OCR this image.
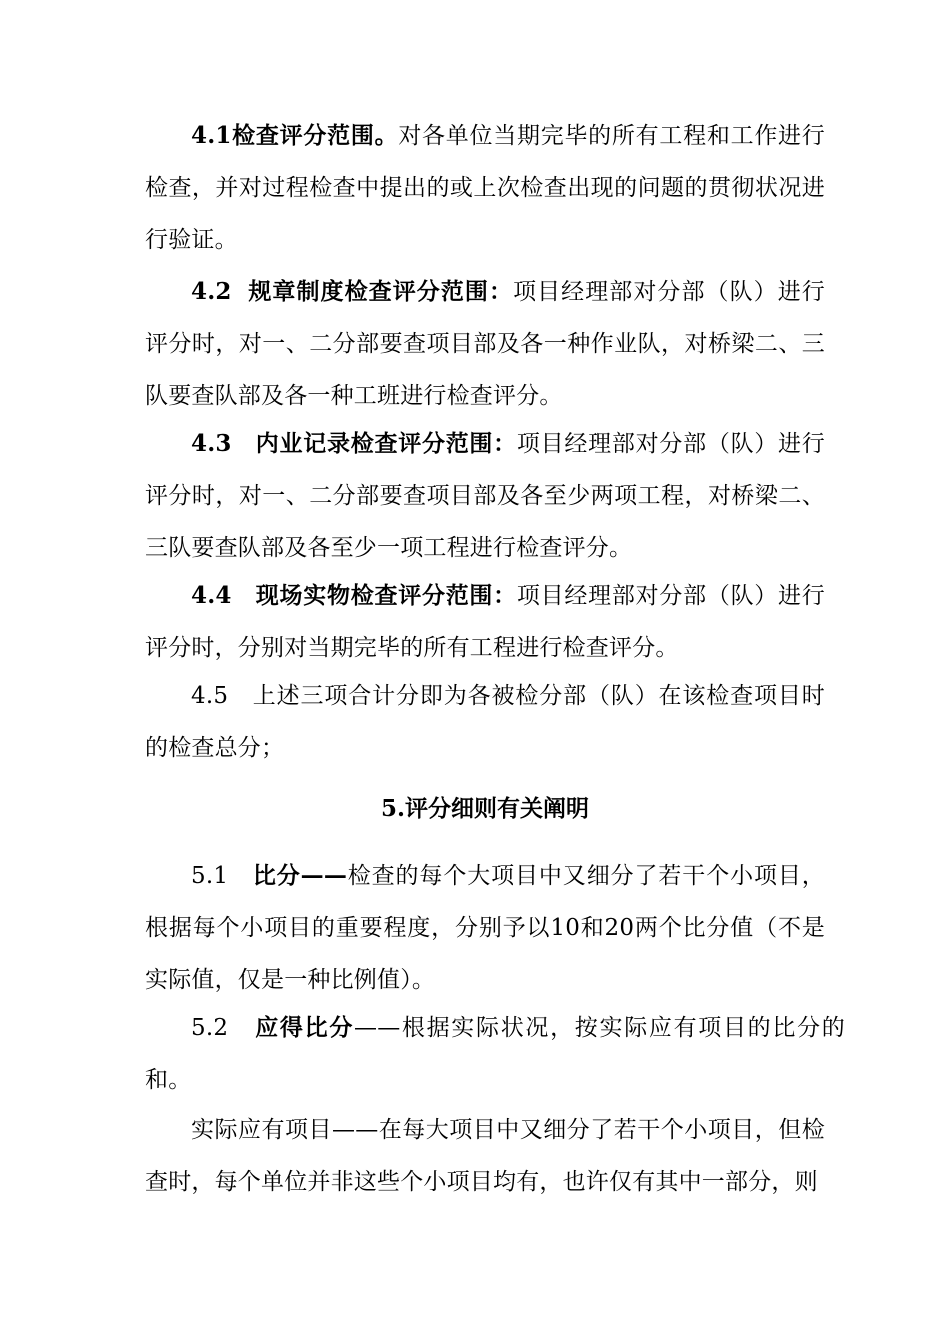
4.1检查评分范围。对各单位当期完毕的所有工程和工作进行检查，并对过程检查中提出的或上次检查出现的问题的贯彻状况进行验证。

4.2 规章制度检查评分范围：项目经理部对分部（队）进行评分时，对一、二分部要查项目部及各一种作业队，对桥梁二、三队要查队部及各一种工班进行检查评分。

4.3 内业记录检查评分范围：项目经理部对分部（队）进行评分时，对一、二分部要查项目部及各至少两项工程，对桥梁二、三队要查队部及各至少一项工程进行检查评分。

4.4 现场实物检查评分范围：项目经理部对分部（队）进行评分时，分别对当期完毕的所有工程进行检查评分。

4.5 上述三项合计分即为各被检分部（队）在该检查项目时的检查总分；

5.评分细则有关阐明

5.1 比分——检查的每个大项目中又细分了若干个小项目，根据每个小项目的重要程度，分别予以10和20两个比分值（不是实际值，仅是一种比例值）。

5.2 应得比分——根据实际状况，按实际应有项目的比分的和。

实际应有项目——在每大项目中又细分了若干个小项目，但检查时，每个单位并非这些个小项目均有，也许仅有其中一部分，则
